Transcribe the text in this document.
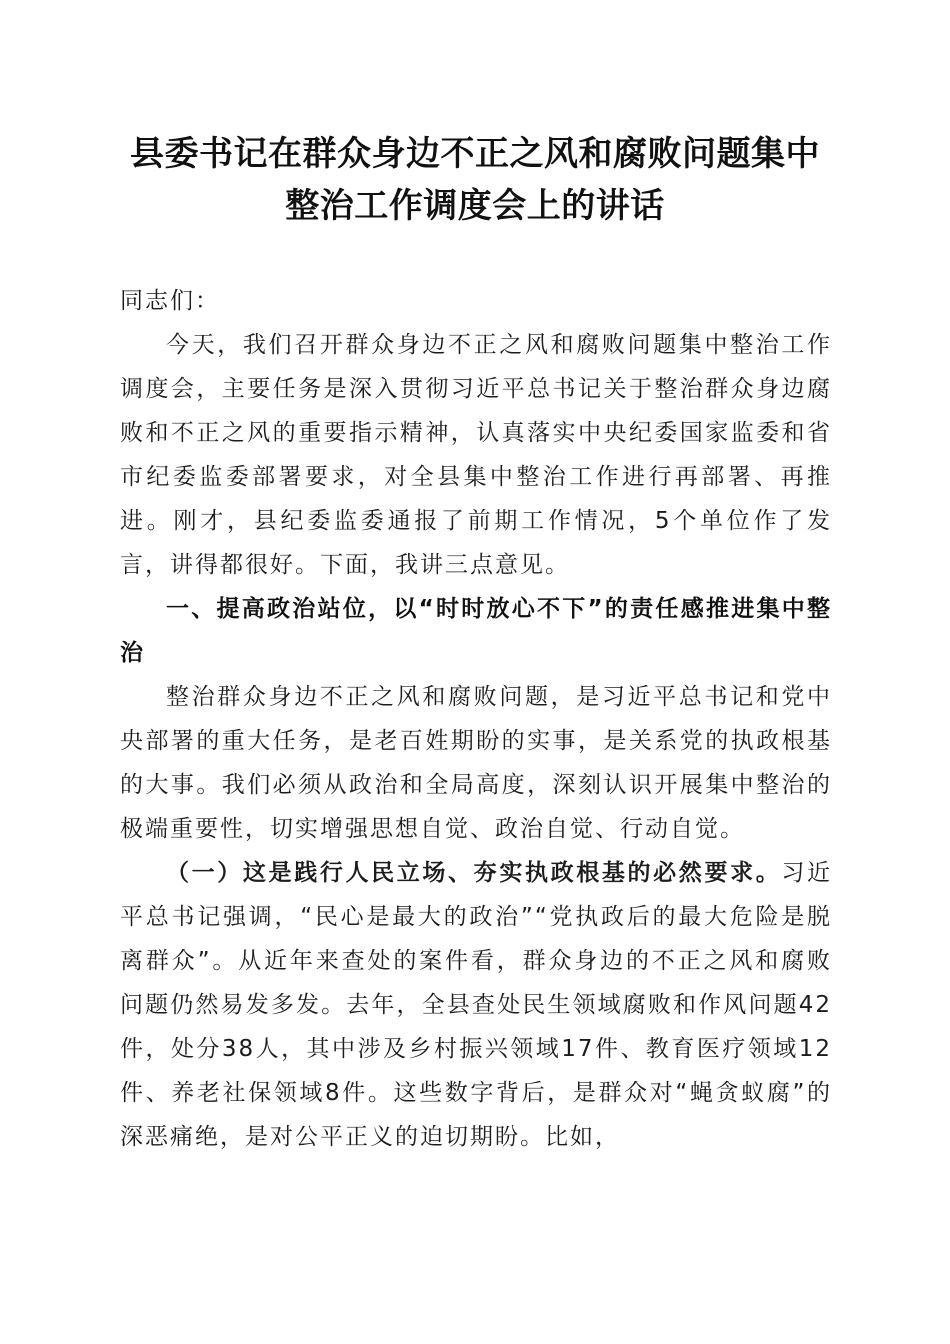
县委书记在群众身边不正之风和腐败问题集中
整治工作调度会上的讲话

同志们：

今天，我们召开群众身边不正之风和腐败问题集中整治工作调度会，主要任务是深入贯彻习近平总书记关于整治群众身边腐败和不正之风的重要指示精神，认真落实中央纪委国家监委和省市纪委监委部署要求，对全县集中整治工作进行再部署、再推进。刚才，县纪委监委通报了前期工作情况，5个单位作了发言，讲得都很好。下面，我讲三点意见。

一、提高政治站位，以“时时放心不下”的责任感推进集中整治

整治群众身边不正之风和腐败问题，是习近平总书记和党中央部署的重大任务，是老百姓期盼的实事，是关系党的执政根基的大事。我们必须从政治和全局高度，深刻认识开展集中整治的极端重要性，切实增强思想自觉、政治自觉、行动自觉。

（一）这是践行人民立场、夯实执政根基的必然要求。习近平总书记强调，“民心是最大的政治”“党执政后的最大危险是脱离群众”。从近年来查处的案件看，群众身边的不正之风和腐败问题仍然易发多发。去年，全县查处民生领域腐败和作风问题42件，处分38人，其中涉及乡村振兴领域17件、教育医疗领域12件、养老社保领域8件。这些数字背后，是群众对“蝇贪蚁腐”的深恶痛绝，是对公平正义的迫切期盼。比如，
